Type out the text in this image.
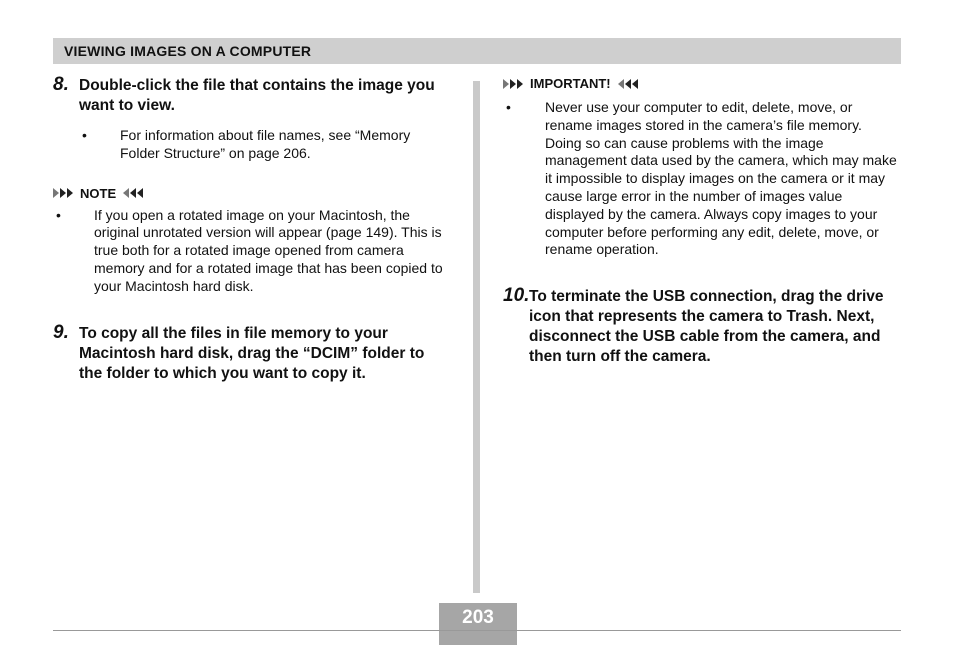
VIEWING IMAGES ON A COMPUTER
8. Double-click the file that contains the image you want to view.
• For information about file names, see “Memory Folder Structure” on page 206.
NOTE
• If you open a rotated image on your Macintosh, the original unrotated version will appear (page 149). This is true both for a rotated image opened from camera memory and for a rotated image that has been copied to your Macintosh hard disk.
9. To copy all the files in file memory to your Macintosh hard disk, drag the “DCIM” folder to the folder to which you want to copy it.
IMPORTANT!
• Never use your computer to edit, delete, move, or rename images stored in the camera’s file memory. Doing so can cause problems with the image management data used by the camera, which may make it impossible to display images on the camera or it may cause large error in the number of images value displayed by the camera. Always copy images to your computer before performing any edit, delete, move, or rename operation.
10. To terminate the USB connection, drag the drive icon that represents the camera to Trash. Next, disconnect the USB cable from the camera, and then turn off the camera.
203
